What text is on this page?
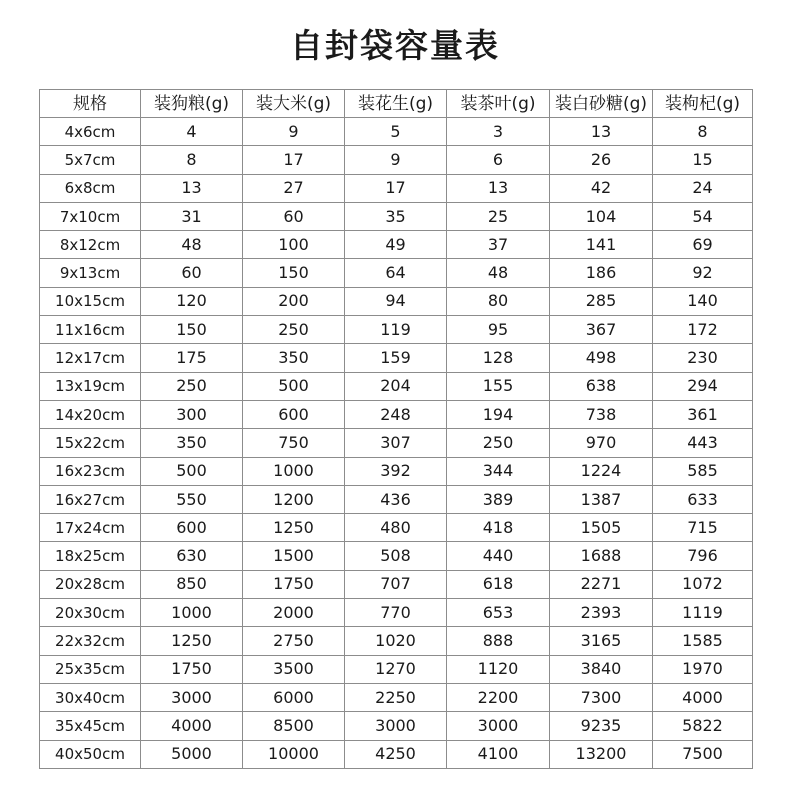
自封袋容量表
规格	装狗粮(g)	装大米(g)	装花生(g)	装茶叶(g)	装白砂糖(g)	装枸杞(g)
4x6cm	4	9	5	3	13	8
5x7cm	8	17	9	6	26	15
6x8cm	13	27	17	13	42	24
7x10cm	31	60	35	25	104	54
8x12cm	48	100	49	37	141	69
9x13cm	60	150	64	48	186	92
10x15cm	120	200	94	80	285	140
11x16cm	150	250	119	95	367	172
12x17cm	175	350	159	128	498	230
13x19cm	250	500	204	155	638	294
14x20cm	300	600	248	194	738	361
15x22cm	350	750	307	250	970	443
16x23cm	500	1000	392	344	1224	585
16x27cm	550	1200	436	389	1387	633
17x24cm	600	1250	480	418	1505	715
18x25cm	630	1500	508	440	1688	796
20x28cm	850	1750	707	618	2271	1072
20x30cm	1000	2000	770	653	2393	1119
22x32cm	1250	2750	1020	888	3165	1585
25x35cm	1750	3500	1270	1120	3840	1970
30x40cm	3000	6000	2250	2200	7300	4000
35x45cm	4000	8500	3000	3000	9235	5822
40x50cm	5000	10000	4250	4100	13200	7500
